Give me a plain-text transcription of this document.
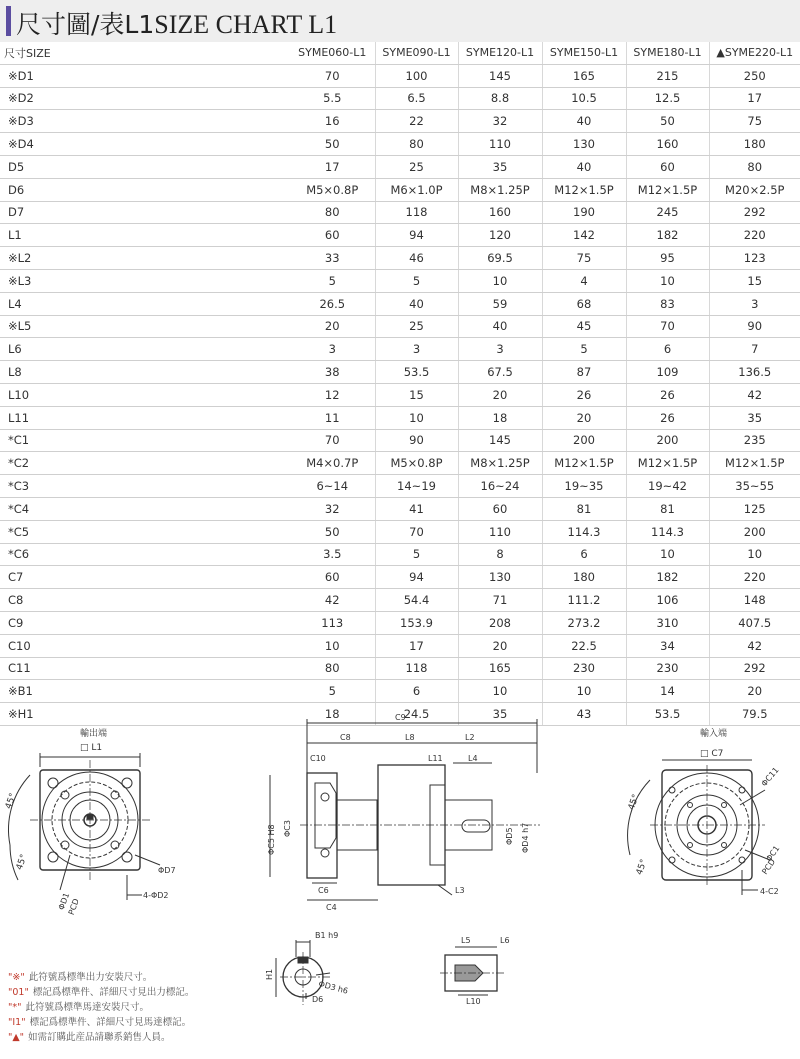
尺寸圖/表L1SIZE CHART L1
尺寸SIZE	SYME060-L1	SYME090-L1	SYME120-L1	SYME150-L1	SYME180-L1	▲SYME220-L1
※D1	70	100	145	165	215	250
※D2	5.5	6.5	8.8	10.5	12.5	17
※D3	16	22	32	40	50	75
※D4	50	80	110	130	160	180
D5	17	25	35	40	60	80
D6	M5×0.8P	M6×1.0P	M8×1.25P	M12×1.5P	M12×1.5P	M20×2.5P
D7	80	118	160	190	245	292
L1	60	94	120	142	182	220
※L2	33	46	69.5	75	95	123
※L3	5	5	10	4	10	15
L4	26.5	40	59	68	83	3
※L5	20	25	40	45	70	90
L6	3	3	3	5	6	7
L8	38	53.5	67.5	87	109	136.5
L10	12	15	20	26	26	42
L11	11	10	18	20	26	35
*C1	70	90	145	200	200	235
*C2	M4×0.7P	M5×0.8P	M8×1.25P	M12×1.5P	M12×1.5P	M12×1.5P
*C3	6~14	14~19	16~24	19~35	19~42	35~55
*C4	32	41	60	81	81	125
*C5	50	70	110	114.3	114.3	200
*C6	3.5	5	8	6	10	10
C7	60	94	130	180	182	220
C8	42	54.4	71	111.2	106	148
C9	113	153.9	208	273.2	310	407.5
C10	10	17	20	22.5	34	42
C11	80	118	165	230	230	292
※B1	5	6	10	10	14	20
※H1	18	24.5	35	43	53.5	79.5
輸出端
□ L1
45°
45°
ΦD1
PCD
ΦD7
4-ΦD2
C9
C8	L8	L2
C10	L11	L4
ΦC5 H8 ΦC3	ΦD5 ΦD4 h7
C6
C4
L3
輸入端
□ C7
45°
45°
ΦC11
ΦC1
PCD
4-C2
B1 h9
H1
ΦD3 h6
D6
L5	L6
L10
"※" 此符號爲標準出力安裝尺寸。
"01" 標記爲標準件、詳細尺寸見出力標記。
"*" 此符號爲標準馬達安裝尺寸。
"I1" 標記爲標準件、詳細尺寸見馬達標記。
"▲" 如需訂購此産品請聯系銷售人員。
